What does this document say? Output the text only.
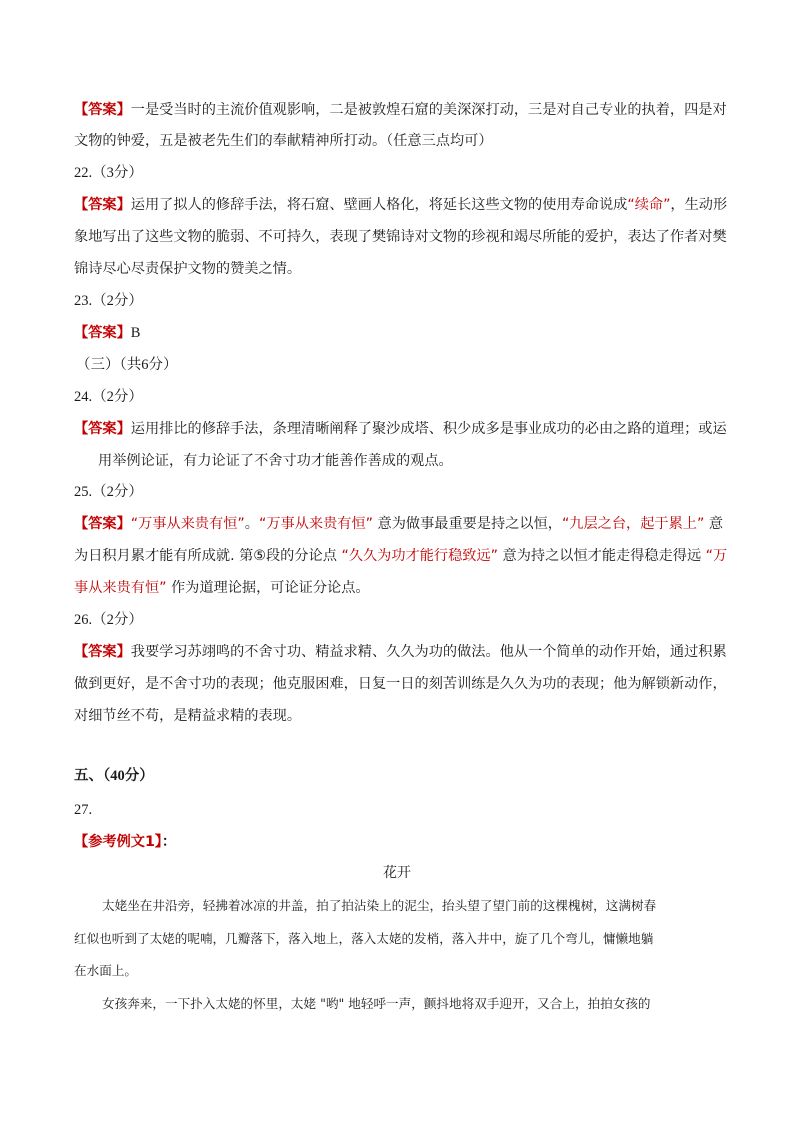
【答案】一是受当时的主流价值观影响，二是被敦煌石窟的美深深打动，三是对自己专业的执着，四是对
文物的钟爱，五是被老先生们的奉献精神所打动。（任意三点均可）
22.（3分）
【答案】运用了拟人的修辞手法，将石窟、壁画人格化，将延长这些文物的使用寿命说成“续命”，生动形
象地写出了这些文物的脆弱、不可持久，表现了樊锦诗对文物的珍视和竭尽所能的爱护，表达了作者对樊
锦诗尽心尽责保护文物的赞美之情。
23.（2分）
【答案】B
（三）（共6分）
24.（2分）
【答案】运用排比的修辞手法，条理清晰阐释了聚沙成塔、积少成多是事业成功的必由之路的道理；或运
用举例论证，有力论证了不舍寸功才能善作善成的观点。
25.（2分）
【答案】“万事从来贵有恒”。“万事从来贵有恒” 意为做事最重要是持之以恒，“九层之台，起于累上” 意
为日积月累才能有所成就. 第⑤段的分论点 “久久为功才能行稳致远” 意为持之以恒才能走得稳走得远 “万
事从来贵有恒” 作为道理论据，可论证分论点。
26.（2分）
【答案】我要学习苏翊鸣的不舍寸功、精益求精、久久为功的做法。他从一个简单的动作开始，通过积累
做到更好，是不舍寸功的表现；他克服困难，日复一日的刻苦训练是久久为功的表现；他为解锁新动作，
对细节丝不苟，是精益求精的表现。
五、（40分）
27.
【参考例文1】：
花开
太姥坐在井沿旁，轻拂着冰凉的井盖，拍了拍沾染上的泥尘，抬头望了望门前的这棵槐树，这满树春
红似也听到了太姥的呢喃，几瓣落下，落入地上，落入太姥的发梢，落入井中，旋了几个弯儿，慵懒地躺
在水面上。
女孩奔来，一下扑入太姥的怀里，太姥 "哟" 地轻呼一声，颤抖地将双手迎开，又合上，拍拍女孩的
